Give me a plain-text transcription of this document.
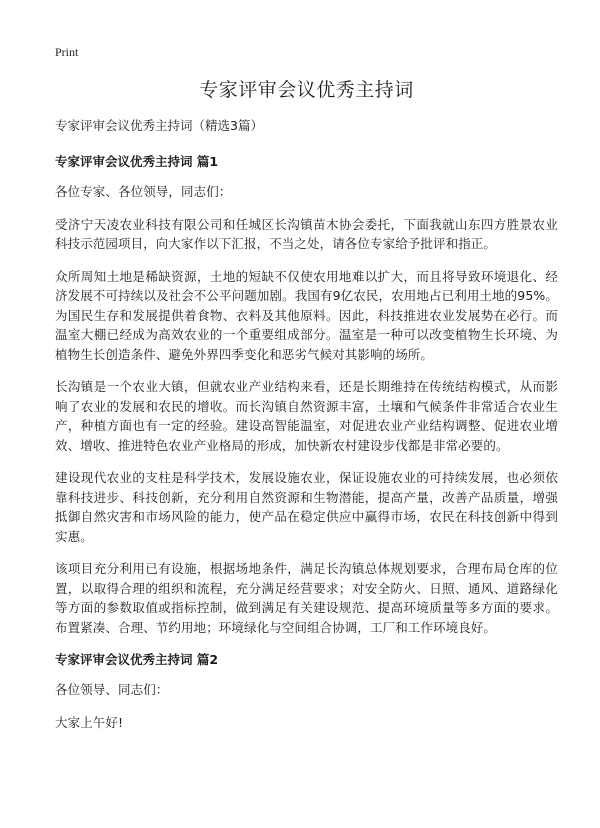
Print
专家评审会议优秀主持词

专家评审会议优秀主持词（精选3篇）

专家评审会议优秀主持词 篇1

各位专家、各位领导，同志们：

受济宁天凌农业科技有限公司和任城区长沟镇苗木协会委托，下面我就山东四方胜景农业科技示范园项目，向大家作以下汇报，不当之处，请各位专家给予批评和指正。

众所周知土地是稀缺资源，土地的短缺不仅使农用地难以扩大，而且将导致环境退化、经济发展不可持续以及社会不公平问题加剧。我国有9亿农民，农用地占已利用土地的95%。为国民生存和发展提供着食物、衣料及其他原料。因此，科技推进农业发展势在必行。而温室大棚已经成为高效农业的一个重要组成部分。温室是一种可以改变植物生长环境、为植物生长创造条件、避免外界四季变化和恶劣气候对其影响的场所。

长沟镇是一个农业大镇，但就农业产业结构来看，还是长期维持在传统结构模式，从而影响了农业的发展和农民的增收。而长沟镇自然资源丰富，土壤和气候条件非常适合农业生产，种植方面也有一定的经验。建设高智能温室，对促进农业产业结构调整、促进农业增效、增收、推进特色农业产业格局的形成，加快新农村建设步伐都是非常必要的。

建设现代农业的支柱是科学技术，发展设施农业，保证设施农业的可持续发展，也必须依靠科技进步、科技创新，充分利用自然资源和生物潜能，提高产量，改善产品质量，增强抵御自然灾害和市场风险的能力，使产品在稳定供应中赢得市场，农民在科技创新中得到实惠。

该项目充分利用已有设施，根据场地条件，满足长沟镇总体规划要求，合理布局仓库的位置，以取得合理的组织和流程，充分满足经营要求；对安全防火、日照、通风、道路绿化等方面的参数取值或指标控制，做到满足有关建设规范、提高环境质量等多方面的要求。布置紧凑、合理、节约用地；环境绿化与空间组合协调，工厂和工作环境良好。

专家评审会议优秀主持词 篇2

各位领导、同志们：

大家上午好!
